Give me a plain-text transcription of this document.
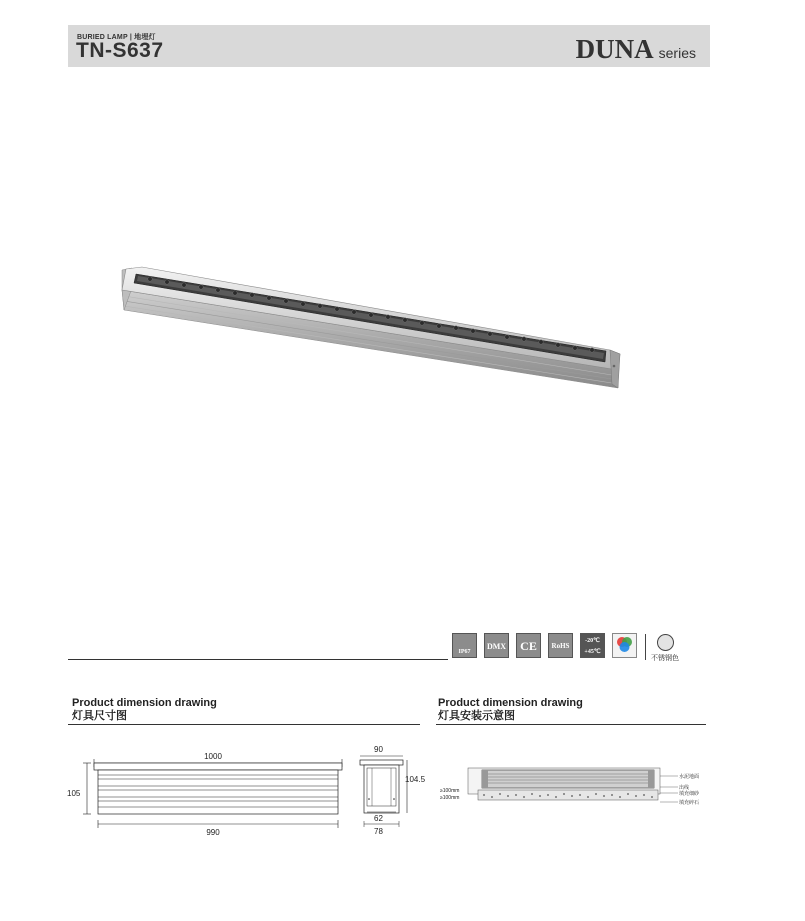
BURIED LAMP | 地埋灯
TN-S637	DUNA series
IP67
DMX CE	RoHS
-20℃ +45℃
不锈钢色
Product dimension drawing
灯具尺寸图
Product dimension drawing
灯具安装示意图
1000
105
990
90
104.5
62
78
≥100mm
≥100mm
水泥地面
出线
填充细砂
填充碎石
